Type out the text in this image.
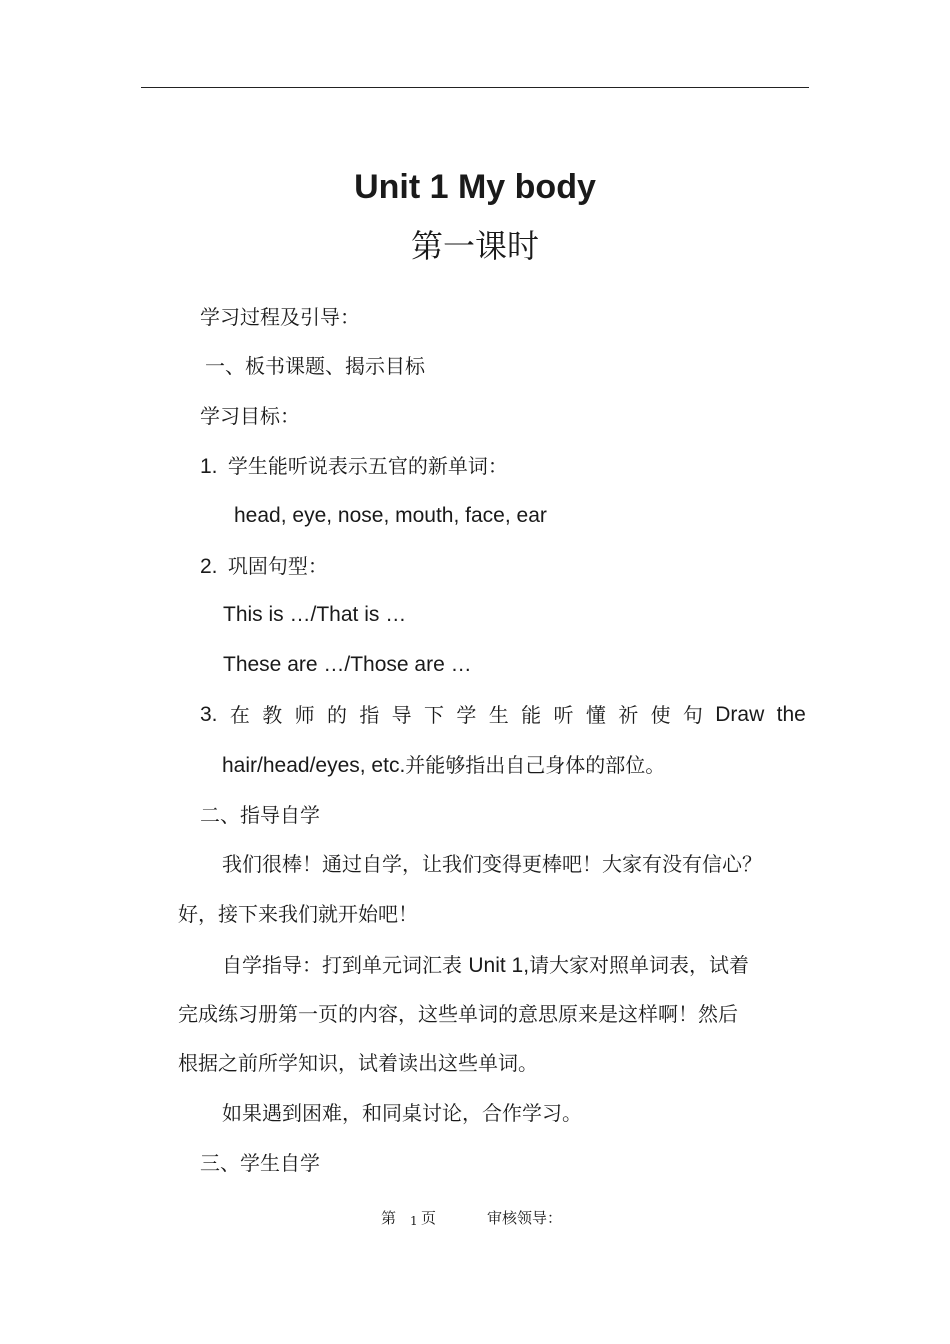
Unit 1 My body
第一课时
学习过程及引导：
一、板书课题、揭示目标
学习目标：
1. 学生能听说表示五官的新单词：
head, eye, nose, mouth, face, ear
2. 巩固句型：
This is …/That is …
These are …/Those are …
3. 在 教 师 的 指 导 下 学 生 能 听 懂 祈 使 句 Draw the
hair/head/eyes, etc.并能够指出自己身体的部位。
二、指导自学
我们很棒！通过自学，让我们变得更棒吧！大家有没有信心？
好，接下来我们就开始吧！
自学指导：打到单元词汇表 Unit 1,请大家对照单词表，试着
完成练习册第一页的内容，这些单词的意思原来是这样啊！然后
根据之前所学知识，试着读出这些单词。
如果遇到困难，和同桌讨论，合作学习。
三、学生自学
第 1 页	审核领导：
